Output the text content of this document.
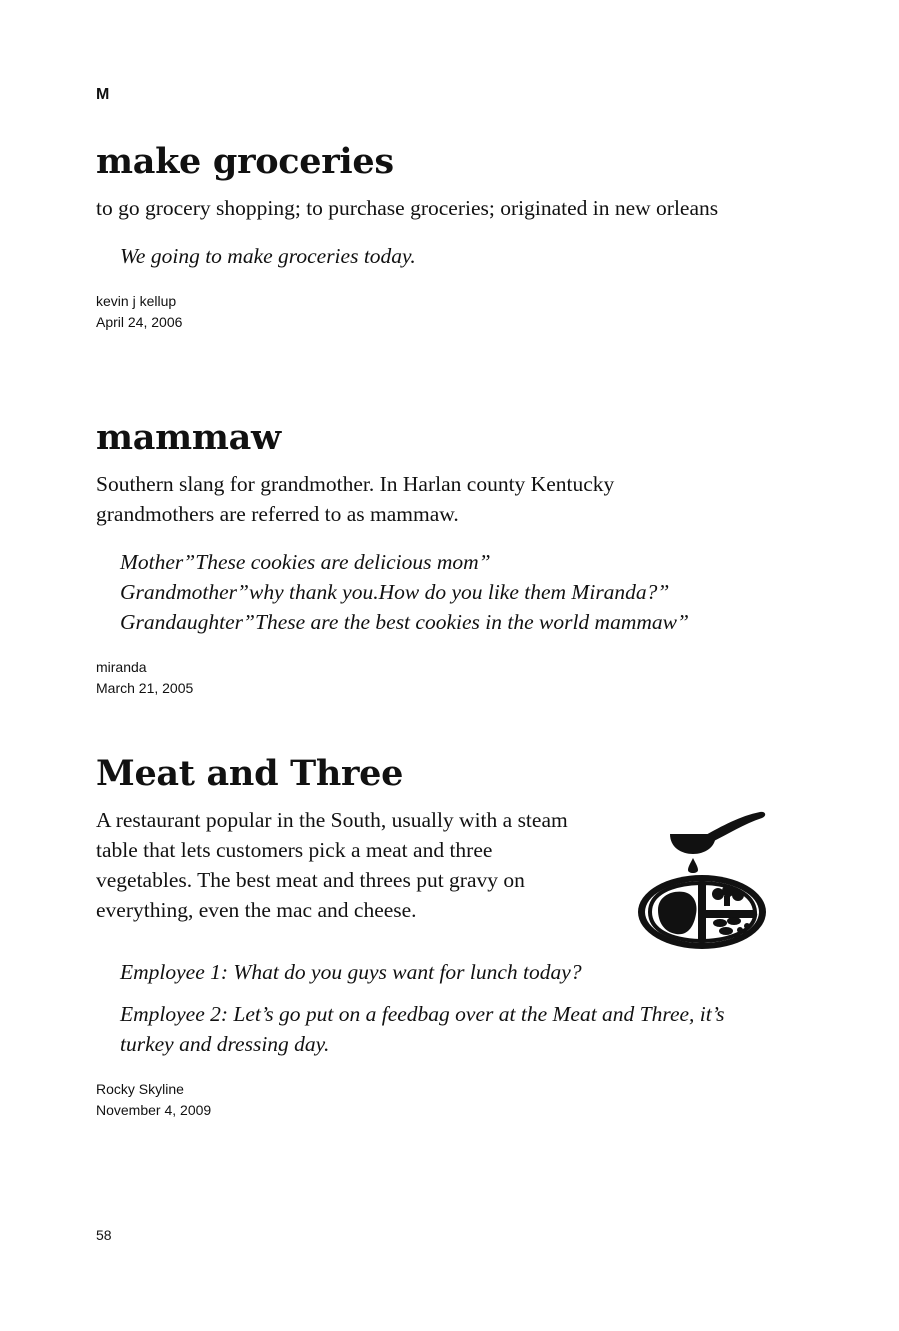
M
make groceries

to go grocery shopping; to purchase groceries; originated in new orleans

We going to make groceries today.

kevin j kellup
April 24, 2006
mammaw

Southern slang for grandmother. In Harlan county Kentucky grandmothers are referred to as mammaw.

Mother”These cookies are delicious mom”
Grandmother”why thank you.How do you like them Miranda?”
Grandaughter”These are the best cookies in the world mammaw”

miranda
March 21, 2005
Meat and Three

A restaurant popular in the South, usually with a steam table that lets customers pick a meat and three vegetables. The best meat and threes put gravy on everything, even the mac and cheese.

Employee 1: What do you guys want for lunch today?
Employee 2: Let’s go put on a feedbag over at the Meat and Three, it’s turkey and dressing day.

Rocky Skyline
November 4, 2009
58
